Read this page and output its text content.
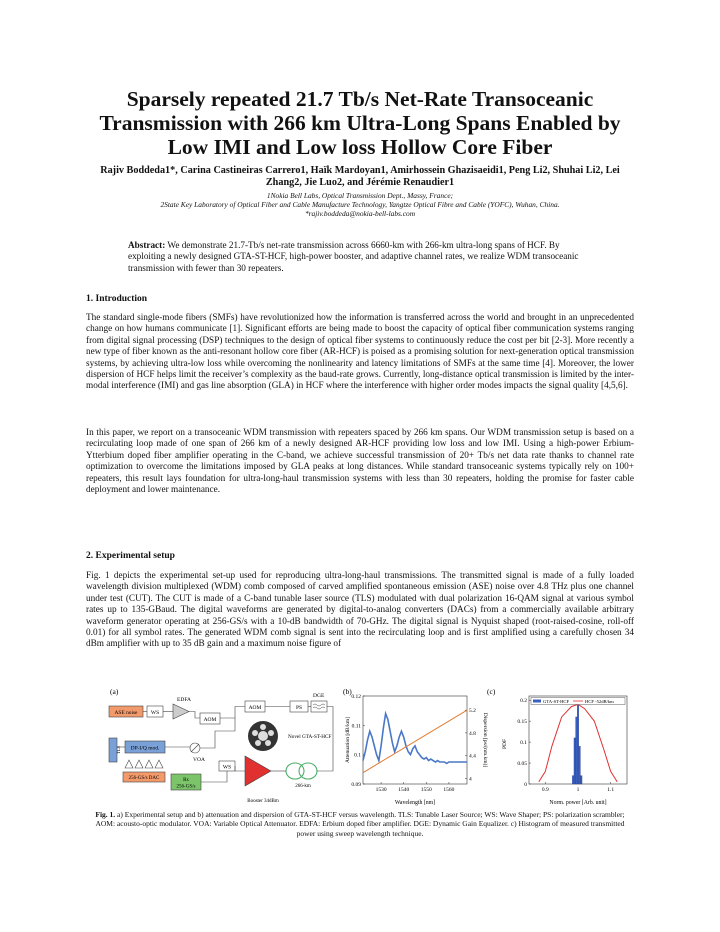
Sparsely repeated 21.7 Tb/s Net-Rate Transoceanic Transmission with 266 km Ultra-Long Spans Enabled by Low IMI and Low loss Hollow Core Fiber
Rajiv Boddeda1*, Carina Castineiras Carrero1, Haïk Mardoyan1, Amirhossein Ghazisaeidi1, Peng Li2, Shuhai Li2, Lei Zhang2, Jie Luo2, and Jérémie Renaudier1
1Nokia Bell Labs, Optical Transmission Dept., Massy, France;
2State Key Laboratory of Optical Fiber and Cable Manufacture Technology, Yangtze Optical Fibre and Cable (YOFC), Wuhan, China.
*rajiv.boddeda@nokia-bell-labs.com
Abstract: We demonstrate 21.7-Tb/s net-rate transmission across 6660-km with 266-km ultra-long spans of HCF. By exploiting a newly designed GTA-ST-HCF, high-power booster, and adaptive channel rates, we realize WDM transoceanic transmission with fewer than 30 repeaters.
1. Introduction
The standard single-mode fibers (SMFs) have revolutionized how the information is transferred across the world and brought in an unprecedented change on how humans communicate [1]. Significant efforts are being made to boost the capacity of optical fiber communication systems ranging from digital signal processing (DSP) techniques to the design of optical fiber systems to continuously reduce the cost per bit [2-3]. More recently a new type of fiber known as the anti-resonant hollow core fiber (AR-HCF) is poised as a promising solution for next-generation optical transmission systems, by achieving ultra-low loss while overcoming the nonlinearity and latency limitations of SMFs at the same time [4]. Moreover, the lower dispersion of HCF helps limit the receiver’s complexity as the baud-rate grows. Currently, long-distance optical transmission is limited by the inter-modal interference (IMI) and gas line absorption (GLA) in HCF where the interference with higher order modes impacts the signal quality [4,5,6].
In this paper, we report on a transoceanic WDM transmission with repeaters spaced by 266 km spans. Our WDM transmission setup is based on a recirculating loop made of one span of 266 km of a newly designed AR-HCF providing low loss and low IMI. Using a high-power Erbium-Ytterbium doped fiber amplifier operating in the C-band, we achieve successful transmission of 20+ Tb/s net data rate thanks to channel rate optimization to overcome the limitations imposed by GLA peaks at long distances. While standard transoceanic systems typically rely on 100+ repeaters, this result lays foundation for ultra-long-haul transmission systems with less than 30 repeaters, holding the promise for faster cable deployment and lower maintenance.
2. Experimental setup
Fig. 1 depicts the experimental set-up used for reproducing ultra-long-haul transmissions. The transmitted signal is made of a fully loaded wavelength division multiplexed (WDM) comb composed of carved amplified spontaneous emission (ASE) noise over 4.8 THz plus one channel under test (CUT). The CUT is made of a C-band tunable laser source (TLS) modulated with dual polarization 16-QAM signal at various symbol rates up to 135-GBaud. The digital waveforms are generated by digital-to-analog converters (DACs) from a commercially available arbitrary waveform generator operating at 256-GS/s with a 10-dB bandwidth of 70-GHz. The digital signal is Nyquist shaped (root-raised-cosine, roll-off 0.01) for all symbol rates. The generated WDM comb signal is sent into the recirculating loop and is first amplified using a carefully chosen 34 dBm amplifier with up to 35 dB gain and a maximum noise figure of
(a)
ASE noise WS
EDFA
AOM
AOM	PS
DGE
TLS DP-I/Q mod.
256-GS/s DAC
VOA
Rx
256-GS/s
WS
Novel GTA-ST-HCF
Booster 34dBm
266-km
(b)
1530 1540 1550 1560
0.09
0.1
0.11
0.12
4
4.4
4.8
5.2
Attenuation [dB/km]	Dispersion [ps/(nm.km)]
Wavelength [nm]
(c)
0.9	1	1.1
0
0.05
0.1
0.15
0.2
PDF
Norm. power [Arb. unit]
GTA-ST-HCF	HCF -52dB/km
Fig. 1. a) Experimental setup and b) attenuation and dispersion of GTA-ST-HCF versus wavelength. TLS: Tunable Laser Source; WS: Wave Shaper; PS: polarization scrambler; AOM: acousto-optic modulator. VOA: Variable Optical Attenuator. EDFA: Erbium doped fiber amplifier. DGE: Dynamic Gain Equalizer. c) Histogram of measured transmitted power using sweep wavelength technique.
